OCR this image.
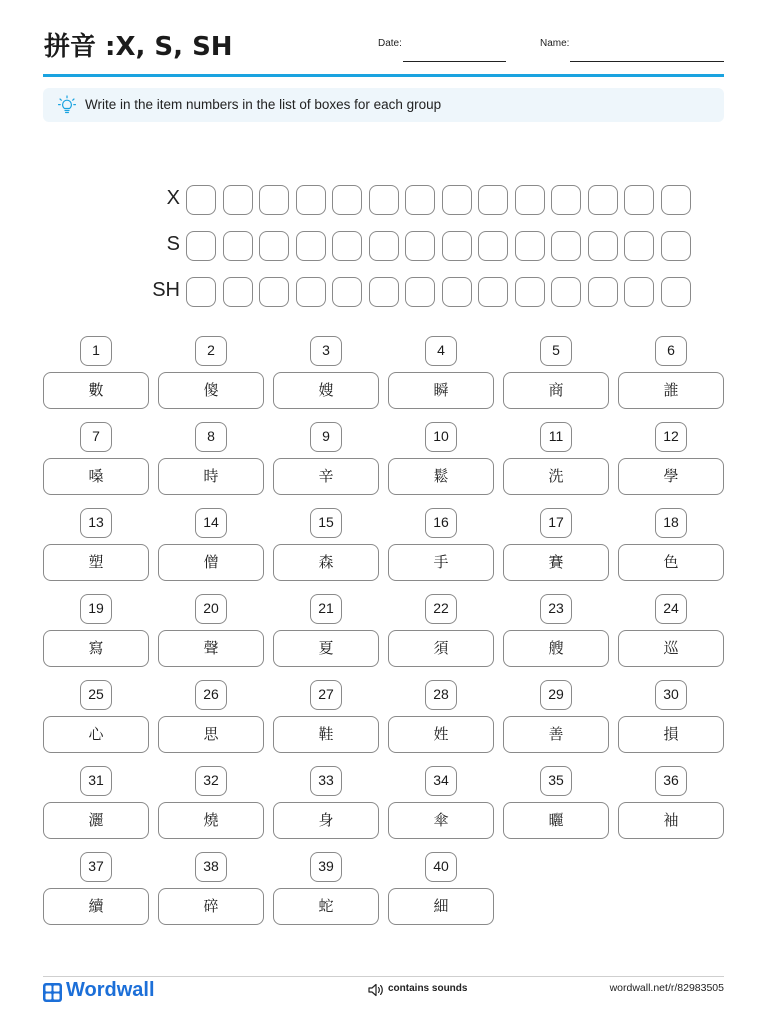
拼音 :X, S, SH	Date:	Name:
Write in the item numbers in the list of boxes for each group
X
S
SH
1
數
2
傻
3
嫂
4
瞬
5
商
6
誰
7
嗓
8
時
9
辛
10
鬆
11
洗
12
學
13
塑
14
僧
15
森
16
手
17
賽
18
色
19
寫
20
聲
21
夏
22
須
23
艘
24
巡
25
心
26
思
27
鞋
28
姓
29
善
30
損
31
灑
32
燒
33
身
34
傘
35
曬
36
袖
37
續
38
碎
39
蛇
40
細
Wordwall	contains sounds	wordwall.net/r/82983505
